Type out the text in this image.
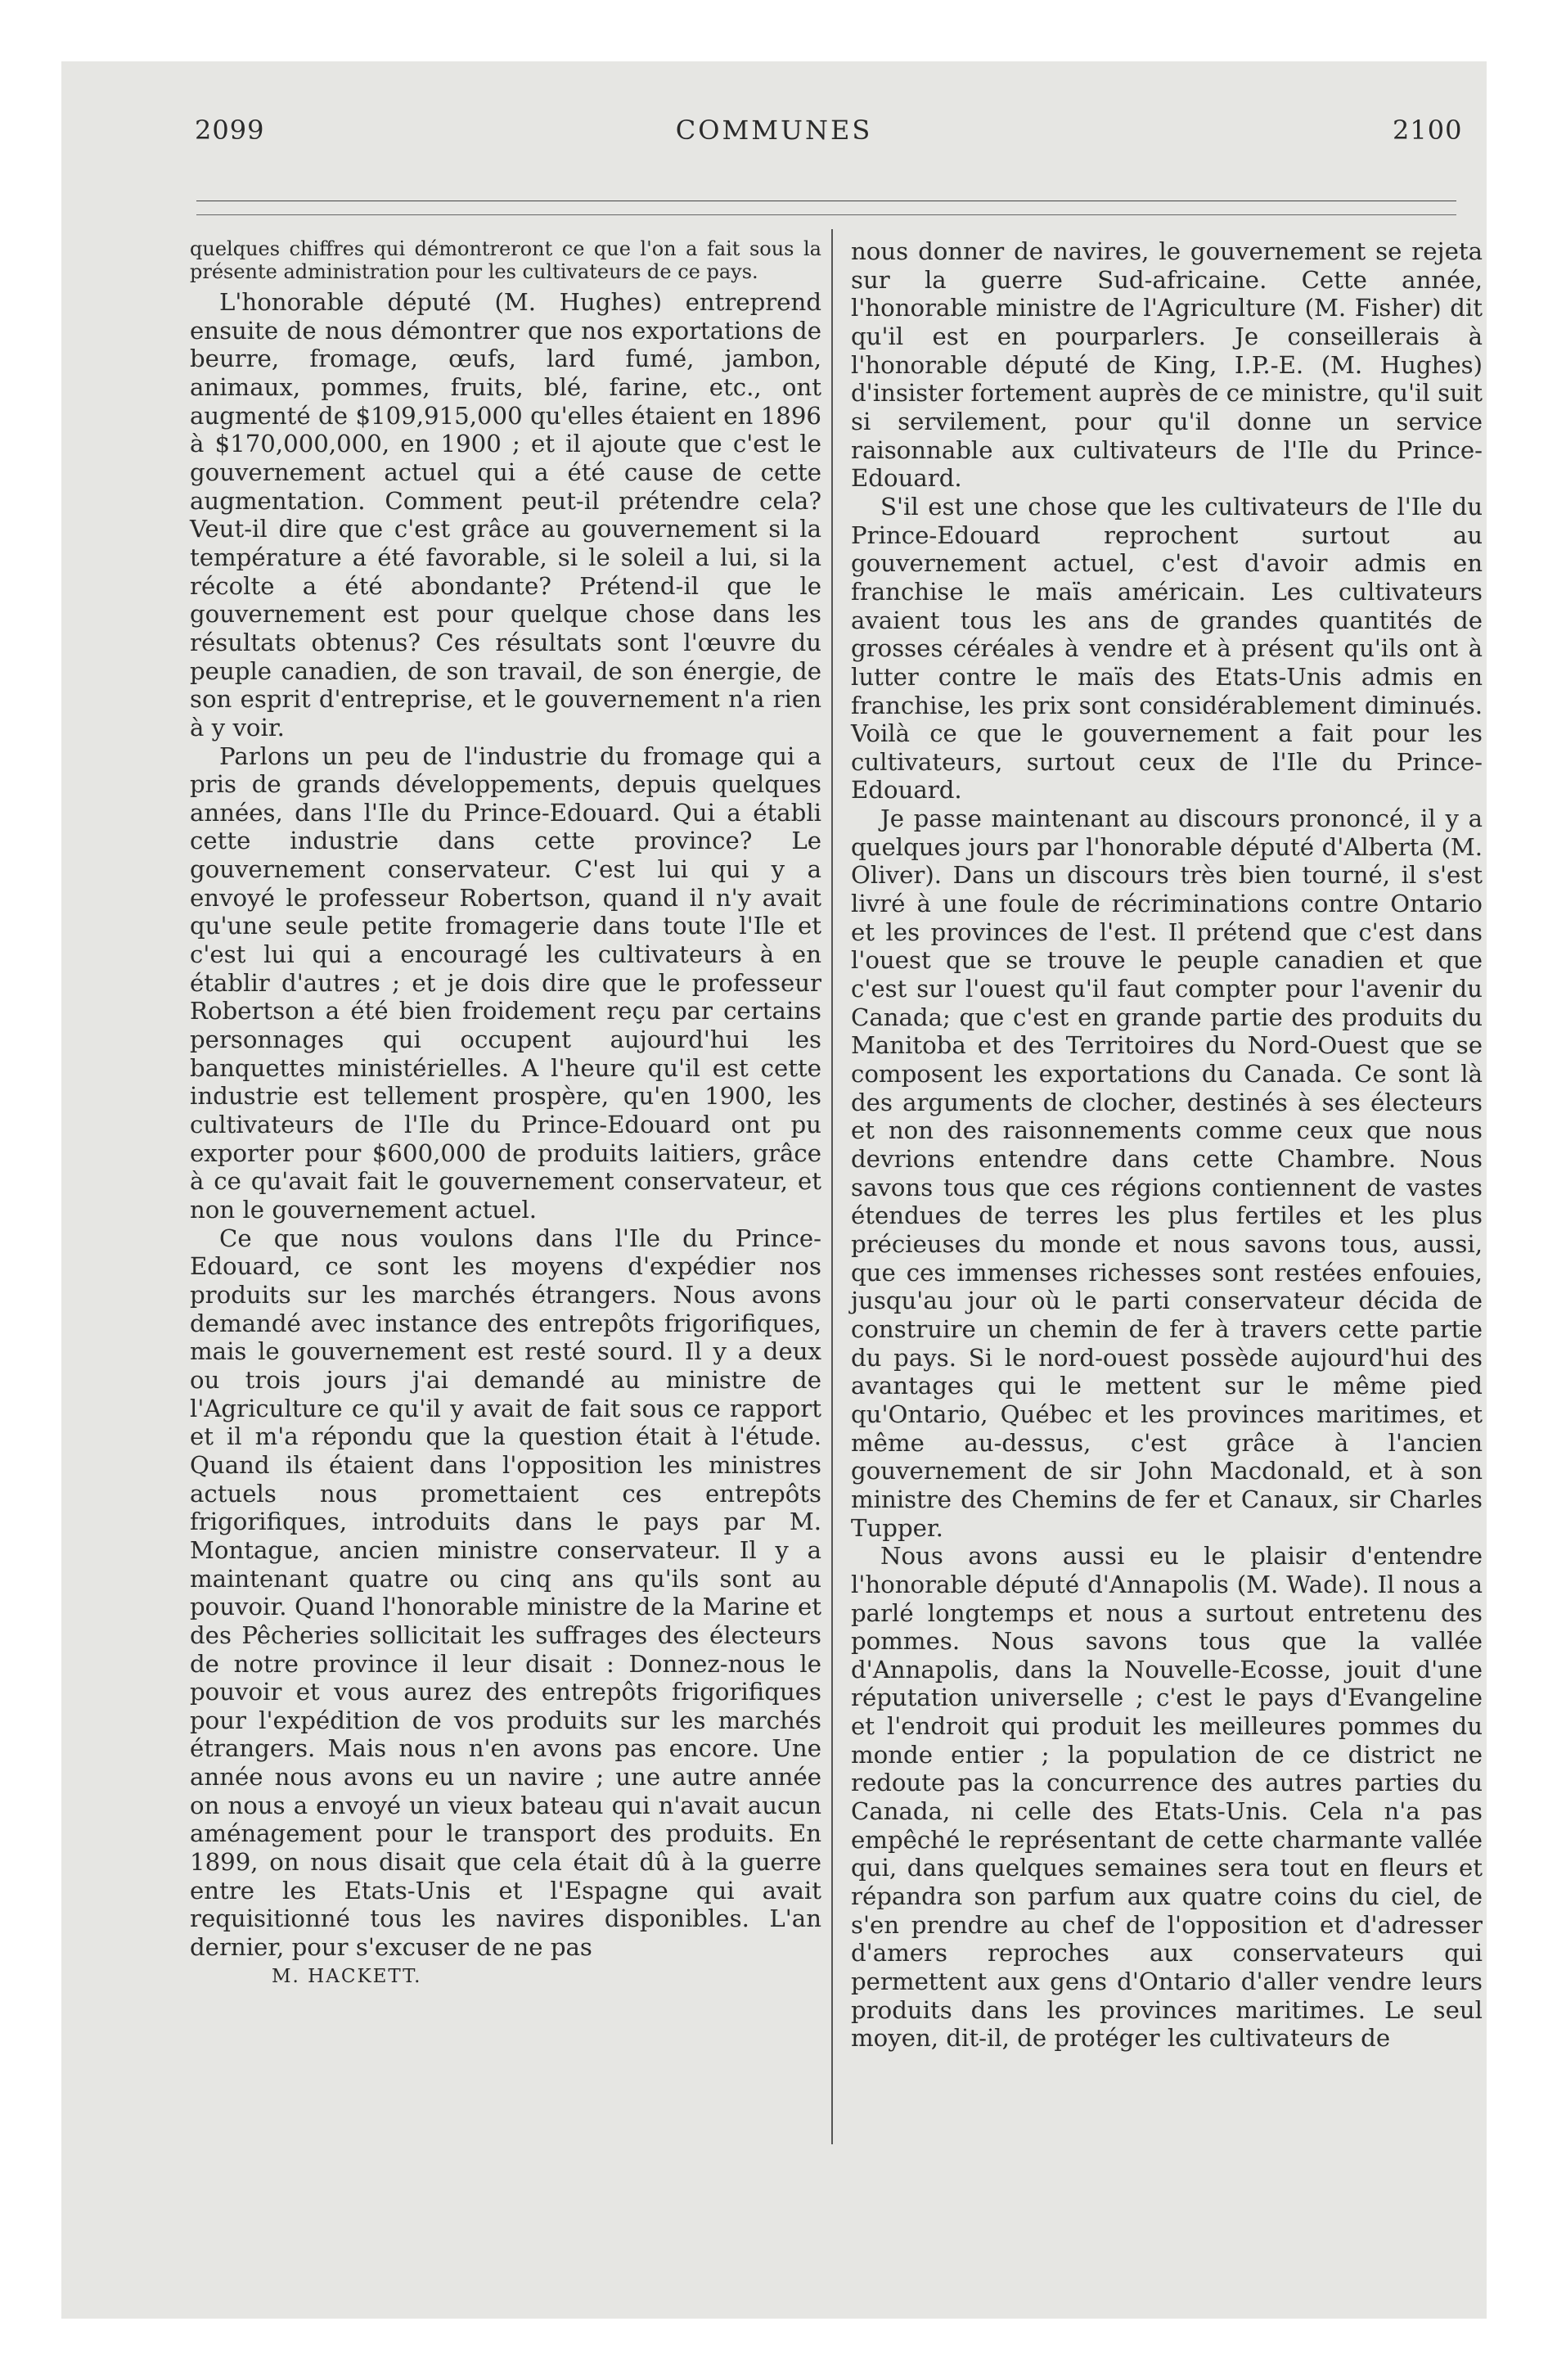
2099	COMMUNES	2100

quelques chiffres qui démontreront ce que l'on a fait sous la présente administration pour les cultivateurs de ce pays.

L'honorable député (M. Hughes) entreprend ensuite de nous démontrer que nos exportations de beurre, fromage, œufs, lard fumé, jambon, animaux, pommes, fruits, blé, farine, etc., ont augmenté de $109,915,000 qu'elles étaient en 1896 à $170,000,000, en 1900 ; et il ajoute que c'est le gouvernement actuel qui a été cause de cette augmentation. Comment peut-il prétendre cela? Veut-il dire que c'est grâce au gouvernement si la température a été favorable, si le soleil a lui, si la récolte a été abondante? Prétend-il que le gouvernement est pour quelque chose dans les résultats obtenus? Ces résultats sont l'œuvre du peuple canadien, de son travail, de son énergie, de son esprit d'entreprise, et le gouvernement n'a rien à y voir.

Parlons un peu de l'industrie du fromage qui a pris de grands développements, depuis quelques années, dans l'Ile du Prince-Edouard. Qui a établi cette industrie dans cette province? Le gouvernement conservateur. C'est lui qui y a envoyé le professeur Robertson, quand il n'y avait qu'une seule petite fromagerie dans toute l'Ile et c'est lui qui a encouragé les cultivateurs à en établir d'autres ; et je dois dire que le professeur Robertson a été bien froidement reçu par certains personnages qui occupent aujourd'hui les banquettes ministérielles. A l'heure qu'il est cette industrie est tellement prospère, qu'en 1900, les cultivateurs de l'Ile du Prince-Edouard ont pu exporter pour $600,000 de produits laitiers, grâce à ce qu'avait fait le gouvernement conservateur, et non le gouvernement actuel.

Ce que nous voulons dans l'Ile du Prince-Edouard, ce sont les moyens d'expédier nos produits sur les marchés étrangers. Nous avons demandé avec instance des entrepôts frigorifiques, mais le gouvernement est resté sourd. Il y a deux ou trois jours j'ai demandé au ministre de l'Agriculture ce qu'il y avait de fait sous ce rapport et il m'a répondu que la question était à l'étude. Quand ils étaient dans l'opposition les ministres actuels nous promettaient ces entrepôts frigorifiques, introduits dans le pays par M. Montague, ancien ministre conservateur. Il y a maintenant quatre ou cinq ans qu'ils sont au pouvoir. Quand l'honorable ministre de la Marine et des Pêcheries sollicitait les suffrages des électeurs de notre province il leur disait : Donnez-nous le pouvoir et vous aurez des entrepôts frigorifiques pour l'expédition de vos produits sur les marchés étrangers. Mais nous n'en avons pas encore. Une année nous avons eu un navire ; une autre année on nous a envoyé un vieux bateau qui n'avait aucun aménagement pour le transport des produits. En 1899, on nous disait que cela était dû à la guerre entre les Etats-Unis et l'Espagne qui avait requisitionné tous les navires disponibles. L'an dernier, pour s'excuser de ne pas

M. HACKETT.

nous donner de navires, le gouvernement se rejeta sur la guerre Sud-africaine. Cette année, l'honorable ministre de l'Agriculture (M. Fisher) dit qu'il est en pourparlers. Je conseillerais à l'honorable député de King, I.P.-E. (M. Hughes) d'insister fortement auprès de ce ministre, qu'il suit si servilement, pour qu'il donne un service raisonnable aux cultivateurs de l'Ile du Prince-Edouard.

S'il est une chose que les cultivateurs de l'Ile du Prince-Edouard reprochent surtout au gouvernement actuel, c'est d'avoir admis en franchise le maïs américain. Les cultivateurs avaient tous les ans de grandes quantités de grosses céréales à vendre et à présent qu'ils ont à lutter contre le maïs des Etats-Unis admis en franchise, les prix sont considérablement diminués. Voilà ce que le gouvernement a fait pour les cultivateurs, surtout ceux de l'Ile du Prince-Edouard.

Je passe maintenant au discours prononcé, il y a quelques jours par l'honorable député d'Alberta (M. Oliver). Dans un discours très bien tourné, il s'est livré à une foule de récriminations contre Ontario et les provinces de l'est. Il prétend que c'est dans l'ouest que se trouve le peuple canadien et que c'est sur l'ouest qu'il faut compter pour l'avenir du Canada; que c'est en grande partie des produits du Manitoba et des Territoires du Nord-Ouest que se composent les exportations du Canada. Ce sont là des arguments de clocher, destinés à ses électeurs et non des raisonnements comme ceux que nous devrions entendre dans cette Chambre. Nous savons tous que ces régions contiennent de vastes étendues de terres les plus fertiles et les plus précieuses du monde et nous savons tous, aussi, que ces immenses richesses sont restées enfouies, jusqu'au jour où le parti conservateur décida de construire un chemin de fer à travers cette partie du pays. Si le nord-ouest possède aujourd'hui des avantages qui le mettent sur le même pied qu'Ontario, Québec et les provinces maritimes, et même au-dessus, c'est grâce à l'ancien gouvernement de sir John Macdonald, et à son ministre des Chemins de fer et Canaux, sir Charles Tupper.

Nous avons aussi eu le plaisir d'entendre l'honorable député d'Annapolis (M. Wade). Il nous a parlé longtemps et nous a surtout entretenu des pommes. Nous savons tous que la vallée d'Annapolis, dans la Nouvelle-Ecosse, jouit d'une réputation universelle ; c'est le pays d'Evangeline et l'endroit qui produit les meilleures pommes du monde entier ; la population de ce district ne redoute pas la concurrence des autres parties du Canada, ni celle des Etats-Unis. Cela n'a pas empêché le représentant de cette charmante vallée qui, dans quelques semaines sera tout en fleurs et répandra son parfum aux quatre coins du ciel, de s'en prendre au chef de l'opposition et d'adresser d'amers reproches aux conservateurs qui permettent aux gens d'Ontario d'aller vendre leurs produits dans les provinces maritimes. Le seul moyen, dit-il, de protéger les cultivateurs de
